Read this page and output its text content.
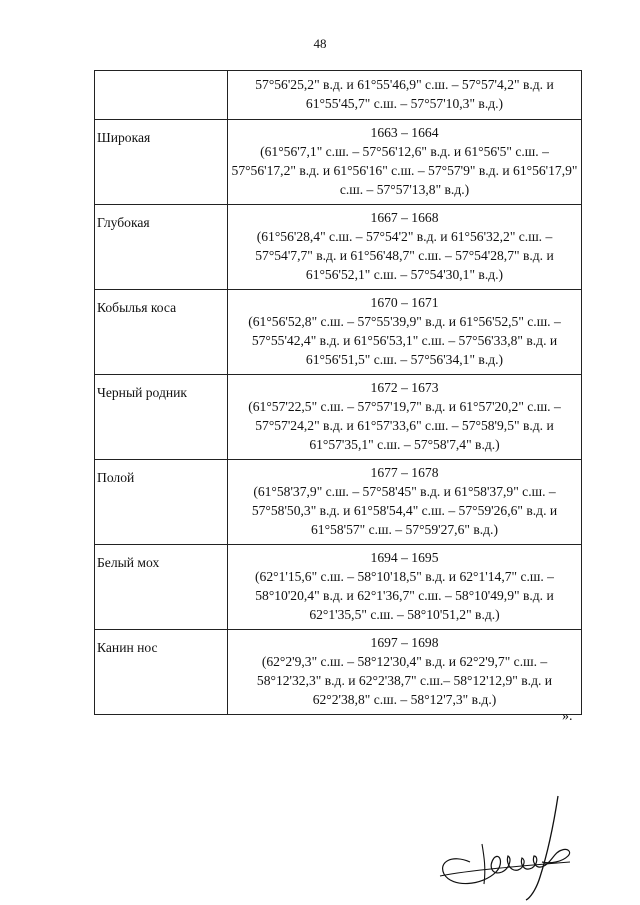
48
	57°56'25,2" в.д. и 61°55'46,9" с.ш. – 57°57'4,2" в.д. и 61°55'45,7" с.ш. – 57°57'10,3" в.д.)
Широкая	1663 – 1664
(61°56'7,1" с.ш. – 57°56'12,6" в.д. и 61°56'5" с.ш. – 57°56'17,2" в.д. и 61°56'16" с.ш. – 57°57'9" в.д. и 61°56'17,9" с.ш. – 57°57'13,8" в.д.)

Глубокая	1667 – 1668
(61°56'28,4" с.ш. – 57°54'2" в.д. и 61°56'32,2" с.ш. – 57°54'7,7" в.д. и 61°56'48,7" с.ш. – 57°54'28,7" в.д. и 61°56'52,1" с.ш. – 57°54'30,1" в.д.)

Кобылья коса	1670 – 1671
(61°56'52,8" с.ш. – 57°55'39,9" в.д. и 61°56'52,5" с.ш. – 57°55'42,4" в.д. и 61°56'53,1" с.ш. – 57°56'33,8" в.д. и 61°56'51,5" с.ш. – 57°56'34,1" в.д.)

Черный родник	1672 – 1673
(61°57'22,5" с.ш. – 57°57'19,7" в.д. и 61°57'20,2" с.ш. – 57°57'24,2" в.д. и 61°57'33,6" с.ш. – 57°58'9,5" в.д. и 61°57'35,1" с.ш. – 57°58'7,4" в.д.)

Полой	1677 – 1678
(61°58'37,9" с.ш. – 57°58'45" в.д. и 61°58'37,9" с.ш. – 57°58'50,3" в.д. и 61°58'54,4" с.ш. – 57°59'26,6" в.д. и 61°58'57" с.ш. – 57°59'27,6" в.д.)

Белый мох	1694 – 1695
(62°1'15,6" с.ш. – 58°10'18,5" в.д. и 62°1'14,7" с.ш. – 58°10'20,4" в.д. и 62°1'36,7" с.ш. – 58°10'49,9" в.д. и 62°1'35,5" с.ш. – 58°10'51,2" в.д.)

Канин нос	1697 – 1698
(62°2'9,3" с.ш. – 58°12'30,4" в.д. и 62°2'9,7" с.ш. – 58°12'32,3" в.д. и 62°2'38,7" с.ш.– 58°12'12,9" в.д. и 62°2'38,8" с.ш. – 58°12'7,3" в.д.)
».
